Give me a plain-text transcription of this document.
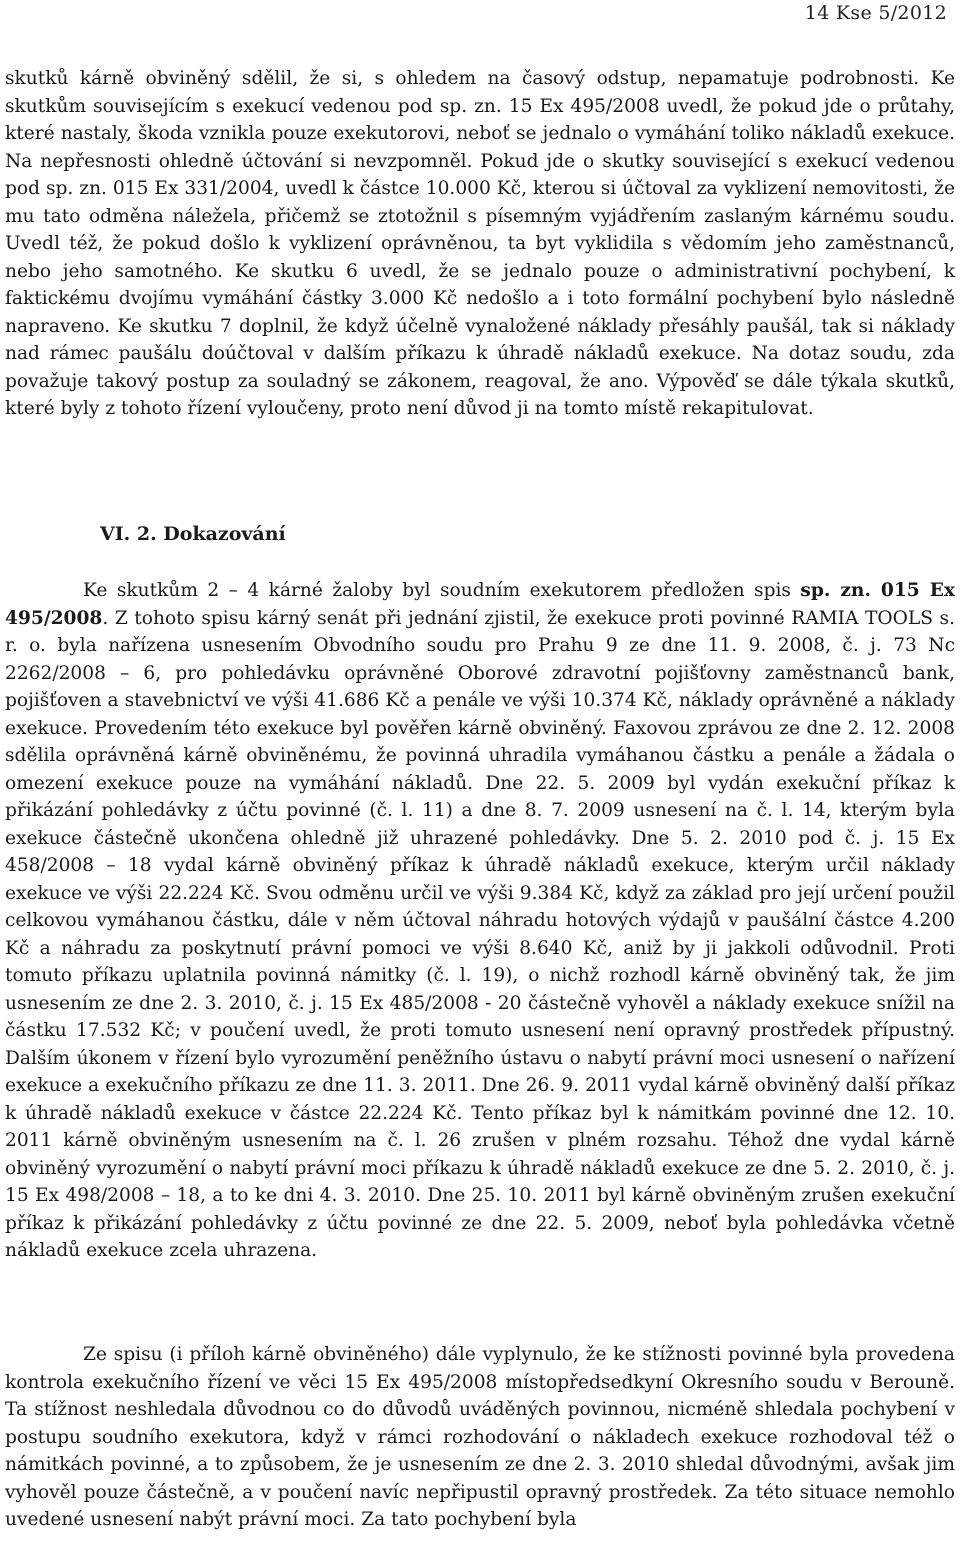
14 Kse 5/2012

skutků kárně obviněný sdělil, že si, s ohledem na časový odstup, nepamatuje podrobnosti. Ke skutkům souvisejícím s exekucí vedenou pod sp. zn. 15 Ex 495/2008 uvedl, že pokud jde o průtahy, které nastaly, škoda vznikla pouze exekutorovi, neboť se jednalo o vymáhání toliko nákladů exekuce. Na nepřesnosti ohledně účtování si nevzpomněl. Pokud jde o skutky související s exekucí vedenou pod sp. zn. 015 Ex 331/2004, uvedl k částce 10.000 Kč, kterou si účtoval za vyklizení nemovitosti, že mu tato odměna náležela, přičemž se ztotožnil s písemným vyjádřením zaslaným kárnému soudu. Uvedl též, že pokud došlo k vyklizení oprávněnou, ta byt vyklidila s vědomím jeho zaměstnanců, nebo jeho samotného. Ke skutku 6 uvedl, že se jednalo pouze o administrativní pochybení, k faktickému dvojímu vymáhání částky 3.000 Kč nedošlo a i toto formální pochybení bylo následně napraveno. Ke skutku 7 doplnil, že když účelně vynaložené náklady přesáhly paušál, tak si náklady nad rámec paušálu doúčtoval v dalším příkazu k úhradě nákladů exekuce. Na dotaz soudu, zda považuje takový postup za souladný se zákonem, reagoval, že ano. Výpověď se dále týkala skutků, které byly z tohoto řízení vyloučeny, proto není důvod ji na tomto místě rekapitulovat.

VI. 2. Dokazování

Ke skutkům 2 – 4 kárné žaloby byl soudním exekutorem předložen spis sp. zn. 015 Ex 495/2008. Z tohoto spisu kárný senát při jednání zjistil, že exekuce proti povinné RAMIA TOOLS s. r. o. byla nařízena usnesením Obvodního soudu pro Prahu 9 ze dne 11. 9. 2008, č. j. 73 Nc 2262/2008 – 6, pro pohledávku oprávněné Oborové zdravotní pojišťovny zaměstnanců bank, pojišťoven a stavebnictví ve výši 41.686 Kč a penále ve výši 10.374 Kč, náklady oprávněné a náklady exekuce. Provedením této exekuce byl pověřen kárně obviněný. Faxovou zprávou ze dne 2. 12. 2008 sdělila oprávněná kárně obviněnému, že povinná uhradila vymáhanou částku a penále a žádala o omezení exekuce pouze na vymáhání nákladů. Dne 22. 5. 2009 byl vydán exekuční příkaz k přikázání pohledávky z účtu povinné (č. l. 11) a dne 8. 7. 2009 usnesení na č. l. 14, kterým byla exekuce částečně ukončena ohledně již uhrazené pohledávky. Dne 5. 2. 2010 pod č. j. 15 Ex 458/2008 – 18 vydal kárně obviněný příkaz k úhradě nákladů exekuce, kterým určil náklady exekuce ve výši 22.224 Kč. Svou odměnu určil ve výši 9.384 Kč, když za základ pro její určení použil celkovou vymáhanou částku, dále v něm účtoval náhradu hotových výdajů v paušální částce 4.200 Kč a náhradu za poskytnutí právní pomoci ve výši 8.640 Kč, aniž by ji jakkoli odůvodnil. Proti tomuto příkazu uplatnila povinná námitky (č. l. 19), o nichž rozhodl kárně obviněný tak, že jim usnesením ze dne 2. 3. 2010, č. j. 15 Ex 485/2008 - 20 částečně vyhověl a náklady exekuce snížil na částku 17.532 Kč; v poučení uvedl, že proti tomuto usnesení není opravný prostředek přípustný. Dalším úkonem v řízení bylo vyrozumění peněžního ústavu o nabytí právní moci usnesení o nařízení exekuce a exekučního příkazu ze dne 11. 3. 2011. Dne 26. 9. 2011 vydal kárně obviněný další příkaz k úhradě nákladů exekuce v částce 22.224 Kč. Tento příkaz byl k námitkám povinné dne 12. 10. 2011 kárně obviněným usnesením na č. l. 26 zrušen v plném rozsahu. Téhož dne vydal kárně obviněný vyrozumění o nabytí právní moci příkazu k úhradě nákladů exekuce ze dne 5. 2. 2010, č. j. 15 Ex 498/2008 – 18, a to ke dni 4. 3. 2010. Dne 25. 10. 2011 byl kárně obviněným zrušen exekuční příkaz k přikázání pohledávky z účtu povinné ze dne 22. 5. 2009, neboť byla pohledávka včetně nákladů exekuce zcela uhrazena.

Ze spisu (i příloh kárně obviněného) dále vyplynulo, že ke stížnosti povinné byla provedena kontrola exekučního řízení ve věci 15 Ex 495/2008 místopředsedkyní Okresního soudu v Berouně. Ta stížnost neshledala důvodnou co do důvodů uváděných povinnou, nicméně shledala pochybení v postupu soudního exekutora, když v rámci rozhodování o nákladech exekuce rozhodoval též o námitkách povinné, a to způsobem, že je usnesením ze dne 2. 3. 2010 shledal důvodnými, avšak jim vyhověl pouze částečně, a v poučení navíc nepřipustil opravný prostředek. Za této situace nemohlo uvedené usnesení nabýt právní moci. Za tato pochybení byla
